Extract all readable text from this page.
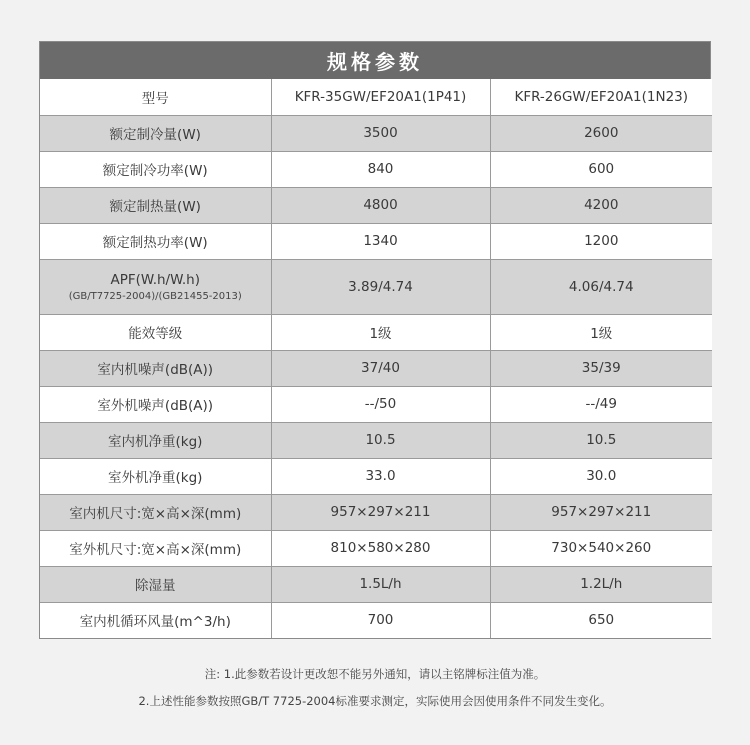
规格参数
型号	KFR-35GW/EF20A1(1P41)	KFR-26GW/EF20A1(1N23)
额定制冷量(W)	3500	2600
额定制冷功率(W)	840	600
额定制热量(W)	4800	4200
额定制热功率(W)	1340	1200

APF(W.h/W.h)
(GB/T7725-2004)/(GB21455-2013)	3.89/4.74	4.06/4.74
能效等级	1级	1级
室内机噪声(dB(A))	37/40	35/39
室外机噪声(dB(A))	--/50	--/49
室内机净重(kg)	10.5	10.5
室外机净重(kg)	33.0	30.0
室内机尺寸:宽×高×深(mm)	957×297×211	957×297×211
室外机尺寸:宽×高×深(mm)	810×580×280	730×540×260
除湿量	1.5L/h	1.2L/h
室内机循环风量(m^3/h)	700	650
注: 1.此参数若设计更改恕不能另外通知，请以主铭牌标注值为准。
2.上述性能参数按照GB/T 7725-2004标准要求测定，实际使用会因使用条件不同发生变化。
